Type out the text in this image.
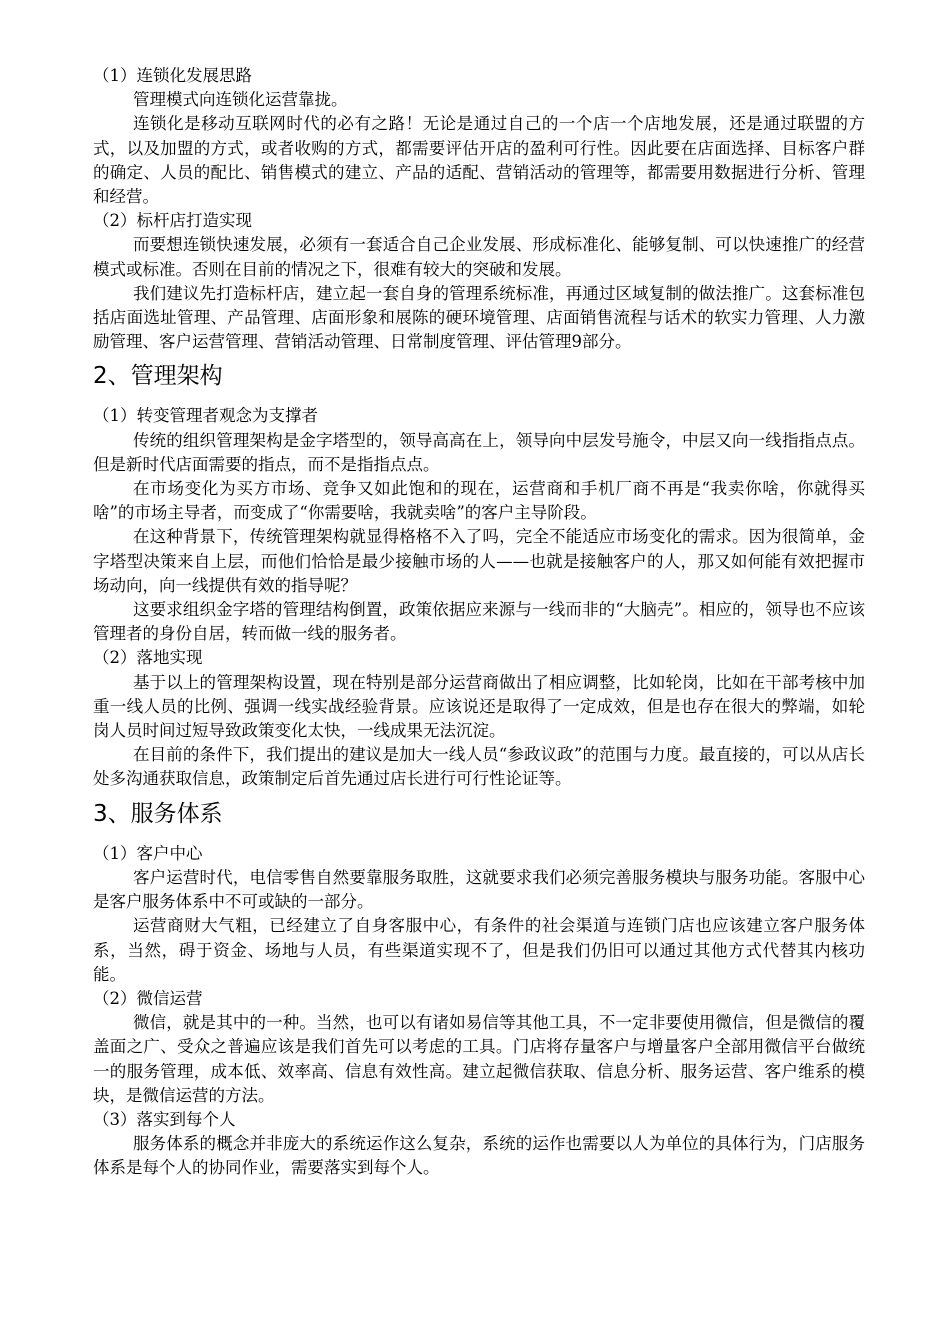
（1）连锁化发展思路

管理模式向连锁化运营靠拢。

连锁化是移动互联网时代的必有之路！无论是通过自己的一个店一个店地发展，还是通过联盟的方式，以及加盟的方式，或者收购的方式，都需要评估开店的盈利可行性。因此要在店面选择、目标客户群的确定、人员的配比、销售模式的建立、产品的适配、营销活动的管理等，都需要用数据进行分析、管理和经营。

（2）标杆店打造实现

而要想连锁快速发展，必须有一套适合自己企业发展、形成标准化、能够复制、可以快速推广的经营模式或标准。否则在目前的情况之下，很难有较大的突破和发展。

我们建议先打造标杆店，建立起一套自身的管理系统标准，再通过区域复制的做法推广。这套标准包括店面选址管理、产品管理、店面形象和展陈的硬环境管理、店面销售流程与话术的软实力管理、人力激励管理、客户运营管理、营销活动管理、日常制度管理、评估管理9部分。

2、管理架构

（1）转变管理者观念为支撑者

传统的组织管理架构是金字塔型的，领导高高在上，领导向中层发号施令，中层又向一线指指点点。但是新时代店面需要的指点，而不是指指点点。

在市场变化为买方市场、竞争又如此饱和的现在，运营商和手机厂商不再是“我卖你啥，你就得买啥”的市场主导者，而变成了“你需要啥，我就卖啥”的客户主导阶段。

在这种背景下，传统管理架构就显得格格不入了吗，完全不能适应市场变化的需求。因为很简单，金字塔型决策来自上层，而他们恰恰是最少接触市场的人——也就是接触客户的人，那又如何能有效把握市场动向，向一线提供有效的指导呢？

这要求组织金字塔的管理结构倒置，政策依据应来源与一线而非的“大脑壳”。相应的，领导也不应该管理者的身份自居，转而做一线的服务者。

（2）落地实现

基于以上的管理架构设置，现在特别是部分运营商做出了相应调整，比如轮岗，比如在干部考核中加重一线人员的比例、强调一线实战经验背景。应该说还是取得了一定成效，但是也存在很大的弊端，如轮岗人员时间过短导致政策变化太快，一线成果无法沉淀。

在目前的条件下，我们提出的建议是加大一线人员“参政议政”的范围与力度。最直接的，可以从店长处多沟通获取信息，政策制定后首先通过店长进行可行性论证等。

3、服务体系

（1）客户中心

客户运营时代，电信零售自然要靠服务取胜，这就要求我们必须完善服务模块与服务功能。客服中心是客户服务体系中不可或缺的一部分。

运营商财大气粗，已经建立了自身客服中心，有条件的社会渠道与连锁门店也应该建立客户服务体系，当然，碍于资金、场地与人员，有些渠道实现不了，但是我们仍旧可以通过其他方式代替其内核功能。

（2）微信运营

微信，就是其中的一种。当然，也可以有诸如易信等其他工具，不一定非要使用微信，但是微信的覆盖面之广、受众之普遍应该是我们首先可以考虑的工具。门店将存量客户与增量客户全部用微信平台做统一的服务管理，成本低、效率高、信息有效性高。建立起微信获取、信息分析、服务运营、客户维系的模块，是微信运营的方法。

（3）落实到每个人

服务体系的概念并非庞大的系统运作这么复杂，系统的运作也需要以人为单位的具体行为，门店服务体系是每个人的协同作业，需要落实到每个人。
